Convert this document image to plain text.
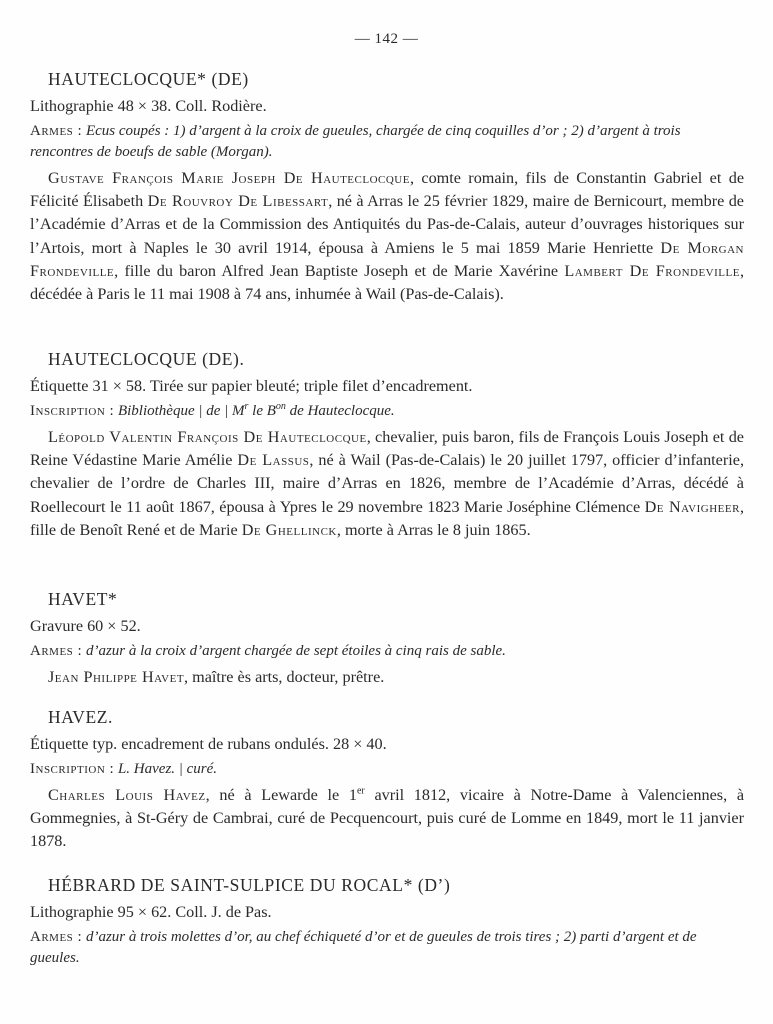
— 142 —
HAUTECLOCQUE* (DE)

Lithographie 48 × 38. Coll. Rodière.

Armes : Ecus coupés : 1) d’argent à la croix de gueules, chargée de cinq coquilles d’or ; 2) d’argent à trois rencontres de boeufs de sable (Morgan).

Gustave François Marie Joseph De Hauteclocque, comte romain, fils de Constantin Gabriel et de Félicité Élisabeth De Rouvroy De Libessart, né à Arras le 25 février 1829, maire de Bernicourt, membre de l’Académie d’Arras et de la Commission des Antiquités du Pas-de-Calais, auteur d’ouvrages historiques sur l’Artois, mort à Naples le 30 avril 1914, épousa à Amiens le 5 mai 1859 Marie Henriette De Morgan Frondeville, fille du baron Alfred Jean Baptiste Joseph et de Marie Xavérine Lambert De Frondeville, décédée à Paris le 11 mai 1908 à 74 ans, inhumée à Wail (Pas-de-Calais).

HAUTECLOCQUE (DE).

Étiquette 31 × 58. Tirée sur papier bleuté; triple filet d’encadrement.

Inscription : Bibliothèque | de | $M^r$ le $B^{on}$ de Hauteclocque.

Léopold Valentin François De Hauteclocque, chevalier, puis baron, fils de François Louis Joseph et de Reine Védastine Marie Amélie De Lassus, né à Wail (Pas-de-Calais) le 20 juillet 1797, officier d’infanterie, chevalier de l’ordre de Charles III, maire d’Arras en 1826, membre de l’Académie d’Arras, décédé à Roellecourt le 11 août 1867, épousa à Ypres le 29 novembre 1823 Marie Joséphine Clémence De Navigheer, fille de Benoît René et de Marie De Ghellinck, morte à Arras le 8 juin 1865.

HAVET*

Gravure 60 × 52.

Armes : d’azur à la croix d’argent chargée de sept étoiles à cinq rais de sable.

Jean Philippe Havet, maître ès arts, docteur, prêtre.

HAVEZ.

Étiquette typ. encadrement de rubans ondulés. 28 × 40.

Inscription : L. Havez. | curé.

Charles Louis Havez, né à Lewarde le 1er avril 1812, vicaire à Notre-Dame à Valenciennes, à Gommegnies, à St-Géry de Cambrai, curé de Pecquencourt, puis curé de Lomme en 1849, mort le 11 janvier 1878.

HÉBRARD DE SAINT-SULPICE DU ROCAL* (D’)

Lithographie 95 × 62. Coll. J. de Pas.

Armes : d’azur à trois molettes d’or, au chef échiqueté d’or et de gueules de trois tires ; 2) parti d’argent et de gueules.
